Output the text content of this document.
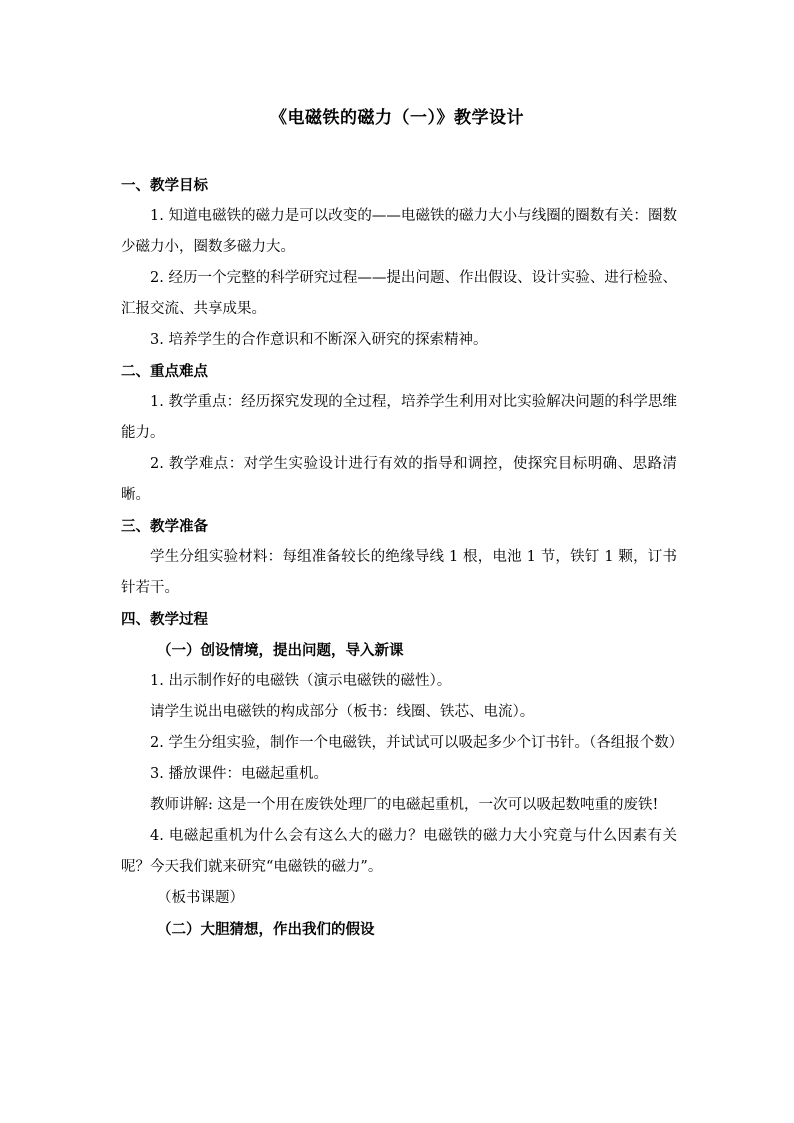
《电磁铁的磁力（一）》教学设计
一、教学目标
1. 知道电磁铁的磁力是可以改变的——电磁铁的磁力大小与线圈的圈数有关：圈数少磁力小，圈数多磁力大。
2. 经历一个完整的科学研究过程——提出问题、作出假设、设计实验、进行检验、汇报交流、共享成果。
3. 培养学生的合作意识和不断深入研究的探索精神。
二、重点难点
1. 教学重点：经历探究发现的全过程，培养学生利用对比实验解决问题的科学思维能力。
2. 教学难点：对学生实验设计进行有效的指导和调控，使探究目标明确、思路清晰。
三、教学准备
学生分组实验材料：每组准备较长的绝缘导线 1 根，电池 1 节，铁钉 1 颗，订书针若干。
四、教学过程
（一）创设情境，提出问题，导入新课
1. 出示制作好的电磁铁（演示电磁铁的磁性）。
请学生说出电磁铁的构成部分（板书：线圈、铁芯、电流）。
2. 学生分组实验，制作一个电磁铁，并试试可以吸起多少个订书针。（各组报个数）
3. 播放课件：电磁起重机。
教师讲解: 这是一个用在废铁处理厂的电磁起重机，一次可以吸起数吨重的废铁!
4. 电磁起重机为什么会有这么大的磁力？电磁铁的磁力大小究竟与什么因素有关呢？今天我们就来研究“电磁铁的磁力”。
（板书课题）
（二）大胆猜想，作出我们的假设
